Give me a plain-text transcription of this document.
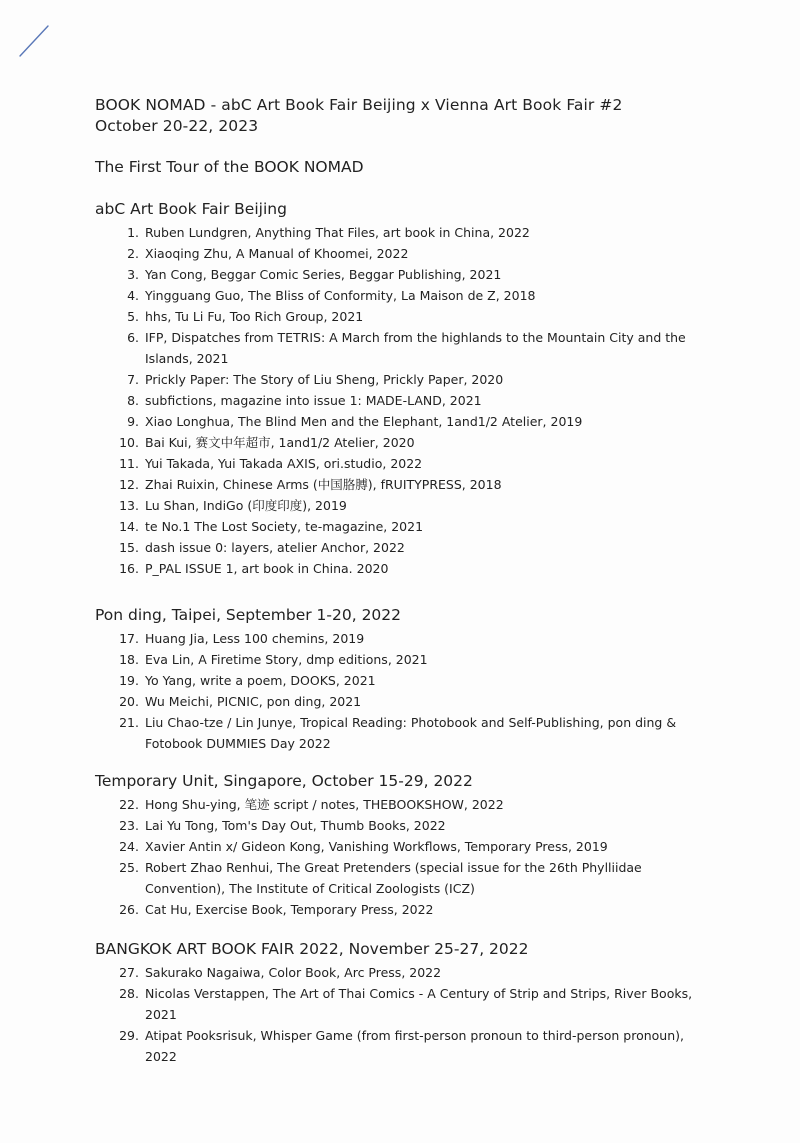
BOOK NOMAD - abC Art Book Fair Beijing x Vienna Art Book Fair #2
October 20-22, 2023
The First Tour of the BOOK NOMAD
abC Art Book Fair Beijing
1. Ruben Lundgren, Anything That Files, art book in China, 2022
2. Xiaoqing Zhu, A Manual of Khoomei, 2022
3. Yan Cong, Beggar Comic Series, Beggar Publishing, 2021
4. Yingguang Guo, The Bliss of Conformity, La Maison de Z, 2018
5. hhs, Tu Li Fu, Too Rich Group, 2021
6. IFP, Dispatches from TETRIS: A March from the highlands to the Mountain City and the Islands, 2021
7. Prickly Paper: The Story of Liu Sheng, Prickly Paper, 2020
8. subfictions, magazine into issue 1: MADE-LAND, 2021
9. Xiao Longhua, The Blind Men and the Elephant, 1and1/2 Atelier, 2019
10. Bai Kui, 赛文中年超市, 1and1/2 Atelier, 2020
11. Yui Takada, Yui Takada AXIS, ori.studio, 2022
12. Zhai Ruixin, Chinese Arms (中国胳膊), fRUITYPRESS, 2018
13. Lu Shan, IndiGo (印度印度), 2019
14. te No.1 The Lost Society, te-magazine, 2021
15. dash issue 0: layers, atelier Anchor, 2022
16. P_PAL ISSUE 1, art book in China. 2020
Pon ding, Taipei, September 1-20, 2022
17. Huang Jia, Less 100 chemins, 2019
18. Eva Lin, A Firetime Story, dmp editions, 2021
19. Yo Yang, write a poem, DOOKS, 2021
20. Wu Meichi, PICNIC, pon ding, 2021
21. Liu Chao-tze / Lin Junye, Tropical Reading: Photobook and Self-Publishing, pon ding & Fotobook DUMMIES Day 2022
Temporary Unit, Singapore, October 15-29, 2022
22. Hong Shu-ying, 笔迹 script / notes, THEBOOKSHOW, 2022
23. Lai Yu Tong, Tom's Day Out, Thumb Books, 2022
24. Xavier Antin x/ Gideon Kong, Vanishing Workflows, Temporary Press, 2019
25. Robert Zhao Renhui, The Great Pretenders (special issue for the 26th Phylliidae Convention), The Institute of Critical Zoologists (ICZ)
26. Cat Hu, Exercise Book, Temporary Press, 2022
BANGKOK ART BOOK FAIR 2022, November 25-27, 2022
27. Sakurako Nagaiwa, Color Book, Arc Press, 2022
28. Nicolas Verstappen, The Art of Thai Comics - A Century of Strip and Strips, River Books, 2021
29. Atipat Pooksrisuk, Whisper Game (from first-person pronoun to third-person pronoun), 2022
